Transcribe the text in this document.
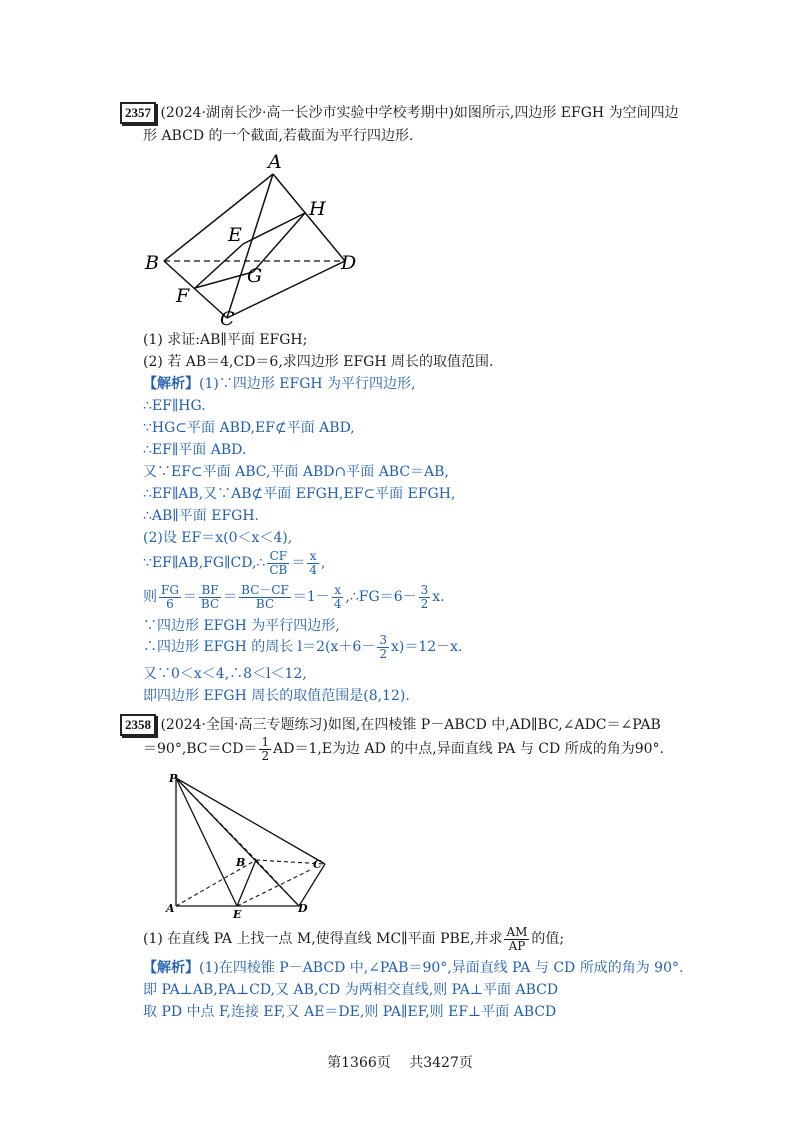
2357 (2024·湖南长沙·高一长沙市实验中学校考期中)如图所示,四边形 EFGH 为空间四边
形 ABCD 的一个截面,若截面为平行四边形.
A
B
C
D
E
F
G
H
(1) 求证:AB∥平面 EFGH;
(2) 若 AB＝4,CD＝6,求四边形 EFGH 周长的取值范围.
【解析】(1)∵四边形 EFGH 为平行四边形,
∴EF∥HG.
∵HG⊂平面 ABD,EF⊄平面 ABD,
∴EF∥平面 ABD.
又∵EF⊂平面 ABC,平面 ABD∩平面 ABC＝AB,
∴EF∥AB,又∵AB⊄平面 EFGH,EF⊂平面 EFGH,
∴AB∥平面 EFGH.
(2)设 EF＝x(0＜x＜4),
∵EF∥AB,FG∥CD,∴ $\frac{CF}{CB} = \frac{x}{4}$ ,
则 $\frac{FG}{6} = \frac{BF}{BC} = \frac{BC-CF}{BC} =1- \frac{x}{4}$ ,∴FG＝6－ $\frac{3}{2} x$.
∵四边形 EFGH 为平行四边形,
∴四边形 EFGH 的周长 $l=2(x+6- \frac{3}{2} x)=12-x$.
又∵0＜x＜4,∴8＜l＜12,
即四边形 EFGH 周长的取值范围是(8,12).
2358 (2024·全国·高三专题练习)如图,在四棱锥 P－ABCD 中,AD∥BC,∠ADC＝∠PAB
$=90^\circ,BC=CD= \frac{1}{2} AD=1,E$为边 AD 的中点,异面直线 PA 与 CD 所成的角为90°.
P
A	E	D
C
B
(1) 在直线 PA 上找一点 M,使得直线 MC∥平面 PBE,并求 $\frac{AM}{AP}$ 的值;
【解析】(1)在四棱锥 P－ABCD 中,∠PAB＝90°,异面直线 PA 与 CD 所成的角为 90°.
即 PA⊥AB,PA⊥CD,又 AB,CD 为两相交直线,则 PA⊥平面 ABCD
取 PD 中点 F,连接 EF,又 AE＝DE,则 PA∥EF,则 EF⊥平面 ABCD
第1366页　 共3427页
